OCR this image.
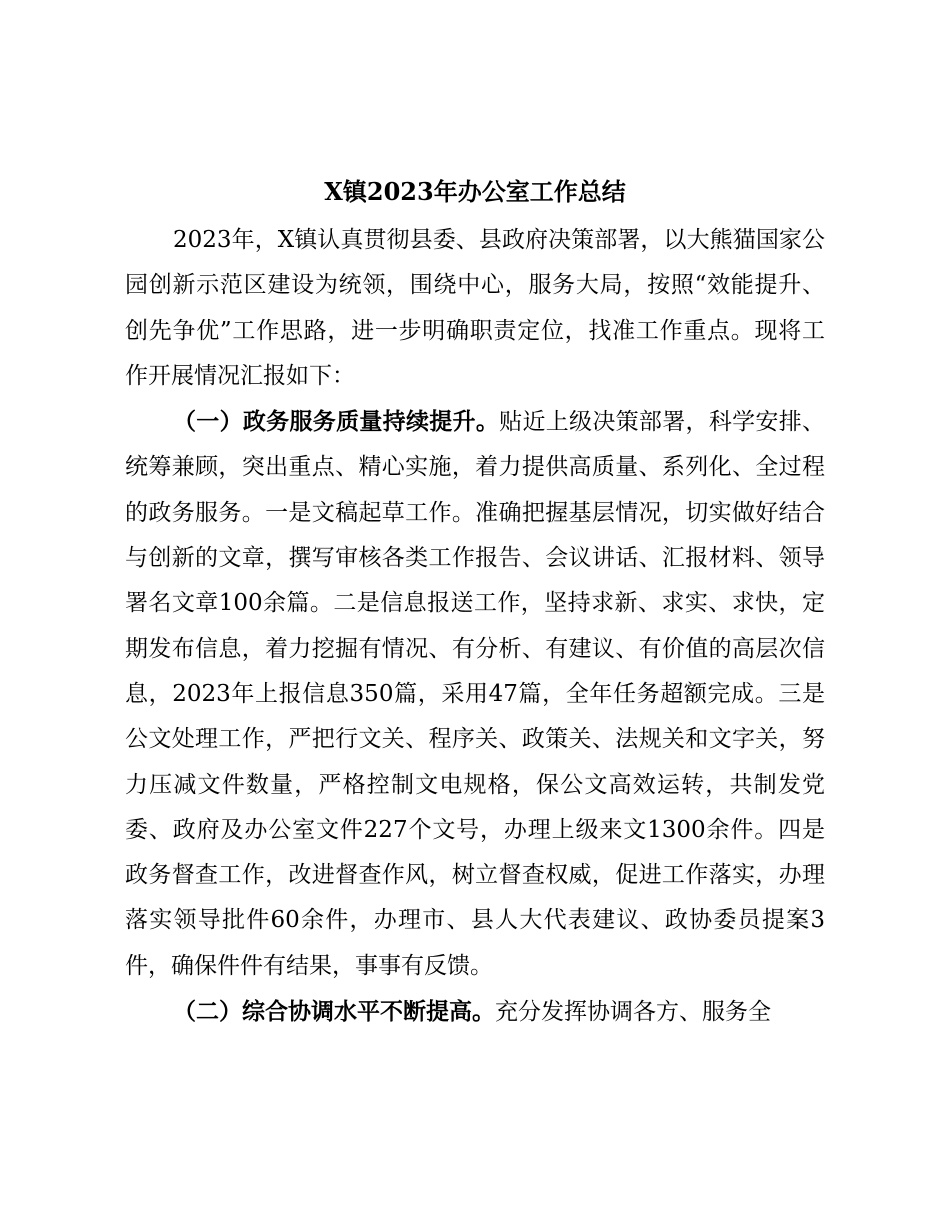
X镇2023年办公室工作总结

2023年，X镇认真贯彻县委、县政府决策部署，以大熊猫国家公园创新示范区建设为统领，围绕中心，服务大局，按照“效能提升、创先争优”工作思路，进一步明确职责定位，找准工作重点。现将工作开展情况汇报如下：

（一）政务服务质量持续提升。贴近上级决策部署，科学安排、统筹兼顾，突出重点、精心实施，着力提供高质量、系列化、全过程的政务服务。一是文稿起草工作。准确把握基层情况，切实做好结合与创新的文章，撰写审核各类工作报告、会议讲话、汇报材料、领导署名文章100余篇。二是信息报送工作，坚持求新、求实、求快，定期发布信息，着力挖掘有情况、有分析、有建议、有价值的高层次信息，2023年上报信息350篇，采用47篇，全年任务超额完成。三是公文处理工作，严把行文关、程序关、政策关、法规关和文字关，努力压减文件数量，严格控制文电规格，保公文高效运转，共制发党委、政府及办公室文件227个文号，办理上级来文1300余件。四是政务督查工作，改进督查作风，树立督查权威，促进工作落实，办理落实领导批件60余件，办理市、县人大代表建议、政协委员提案3件，确保件件有结果，事事有反馈。

（二）综合协调水平不断提高。充分发挥协调各方、服务全
